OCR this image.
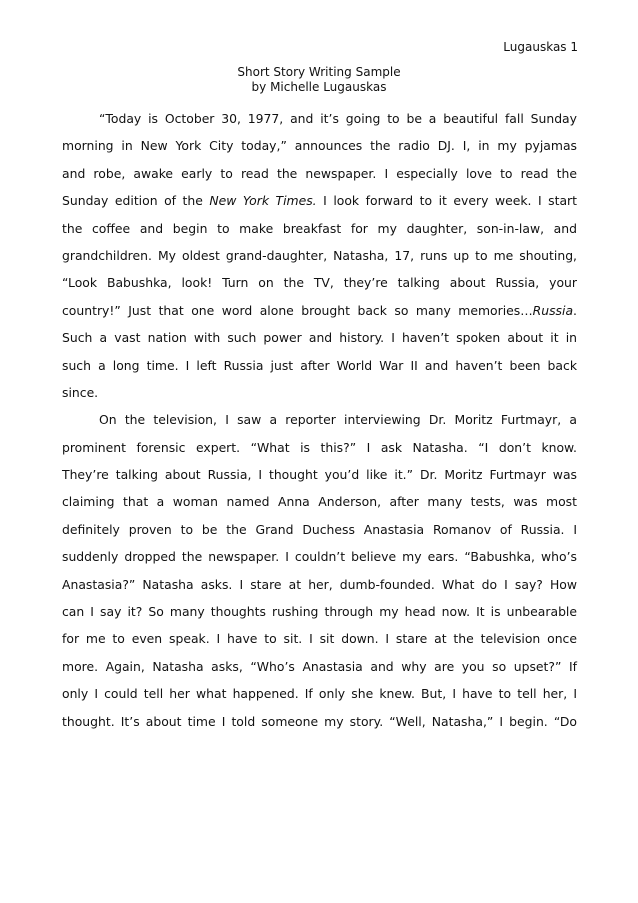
Lugauskas 1
Short Story Writing Sample
by Michelle Lugauskas
“Today is October 30, 1977, and it’s going to be a beautiful fall Sunday
morning in New York City today,” announces the radio DJ. I, in my pyjamas
and robe, awake early to read the newspaper. I especially love to read the
Sunday edition of the New York Times. I look forward to it every week. I start
the coffee and begin to make breakfast for my daughter, son-in-law, and
grandchildren. My oldest grand-daughter, Natasha, 17, runs up to me shouting,
“Look Babushka, look! Turn on the TV, they’re talking about Russia, your
country!” Just that one word alone brought back so many memories…Russia.
Such a vast nation with such power and history. I haven’t spoken about it in
such a long time. I left Russia just after World War II and haven’t been back
since.
On the television, I saw a reporter interviewing Dr. Moritz Furtmayr, a
prominent forensic expert. “What is this?” I ask Natasha. “I don’t know.
They’re talking about Russia, I thought you’d like it.” Dr. Moritz Furtmayr was
claiming that a woman named Anna Anderson, after many tests, was most
definitely proven to be the Grand Duchess Anastasia Romanov of Russia. I
suddenly dropped the newspaper. I couldn’t believe my ears. “Babushka, who’s
Anastasia?” Natasha asks. I stare at her, dumb-founded. What do I say? How
can I say it? So many thoughts rushing through my head now. It is unbearable
for me to even speak. I have to sit. I sit down. I stare at the television once
more. Again, Natasha asks, “Who’s Anastasia and why are you so upset?” If
only I could tell her what happened. If only she knew. But, I have to tell her, I
thought. It’s about time I told someone my story. “Well, Natasha,” I begin. “Do
